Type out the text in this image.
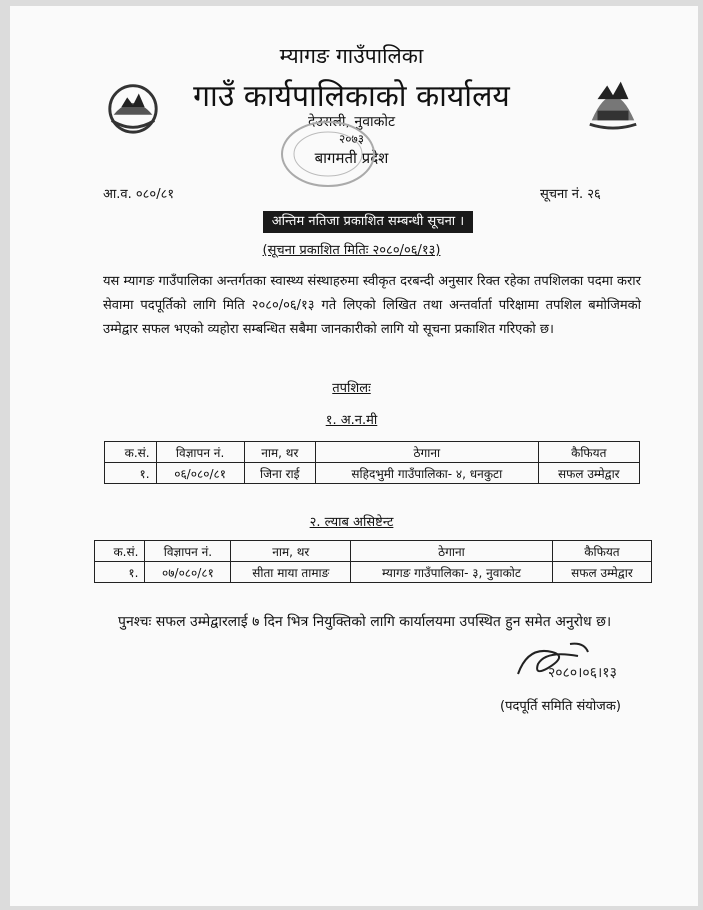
म्यागङ गाउँपालिका
गाउँ कार्यपालिकाको कार्यालय
देउराली, नुवाकोट
२०७३
बागमती प्रदेश
आ.व. ०८०/८१	सूचना नं. २६
अन्तिम नतिजा प्रकाशित सम्बन्धी सूचना ।
(सूचना प्रकाशित मितिः २०८०/०६/१३)
यस म्यागङ गाउँपालिका अन्तर्गतका स्वास्थ्य संस्थाहरुमा स्वीकृत दरबन्दी अनुसार रिक्त रहेका तपशिलका पदमा करार सेवामा पदपूर्तिको लागि मिति २०८०/०६/१३ गते लिएको लिखित तथा अन्तर्वार्ता परिक्षामा तपशिल बमोजिमको उम्मेद्वार सफल भएको व्यहोरा सम्बन्धित सबैमा जानकारीको लागि यो सूचना प्रकाशित गरिएको छ।
तपशिलः
१. अ.न.मी
क.सं.	विज्ञापन नं.	नाम, थर	ठेगाना	कैफियत
१.	०६/०८०/८१	जिना राई	सहिदभुमी गाउँपालिका- ४, धनकुटा	सफल उम्मेद्वार
२. ल्याब असिष्टेन्ट
क.सं.	विज्ञापन नं.	नाम, थर	ठेगाना	कैफियत
१.	०७/०८०/८१	सीता माया तामाङ	म्यागङ गाउँपालिका- ३, नुवाकोट	सफल उम्मेद्वार
पुनश्चः सफल उम्मेद्वारलाई ७ दिन भित्र नियुक्तिको लागि कार्यालयमा उपस्थित हुन समेत अनुरोध छ।
२०८०।०६।१३
(पदपूर्ति समिति संयोजक)
